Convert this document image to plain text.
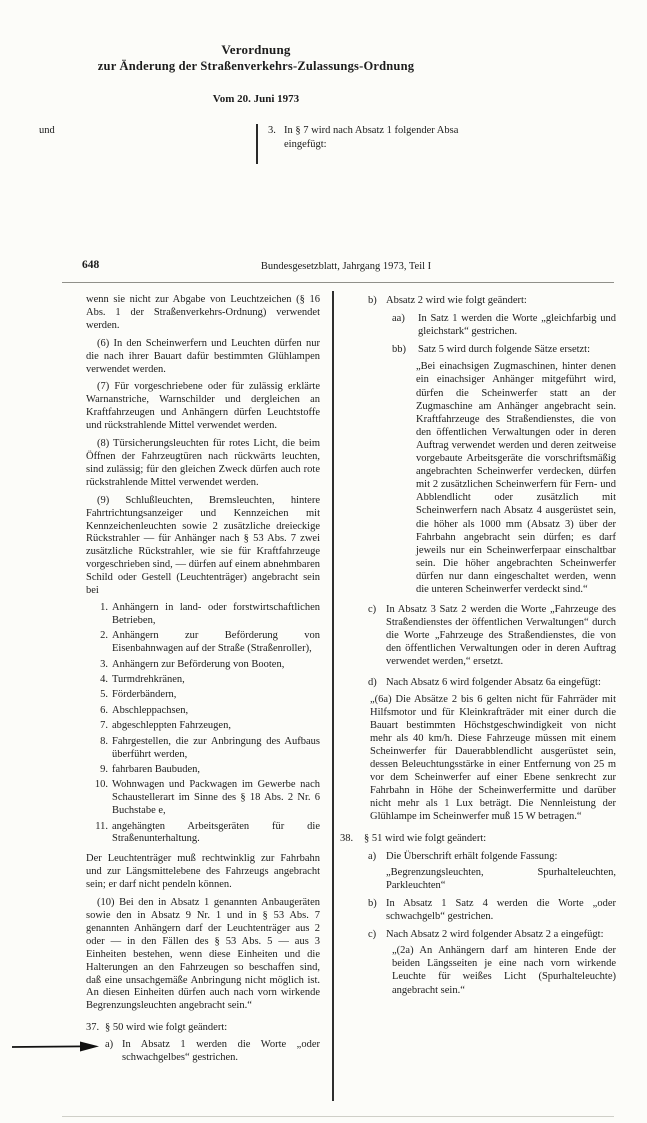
Verordnung
zur Änderung der Straßenverkehrs-Zulassungs-Ordnung
Vom 20. Juni 1973
und	3. In § 7 wird nach Absatz 1 folgender Absa
eingefügt:
648	Bundesgesetzblatt, Jahrgang 1973, Teil I
wenn sie nicht zur Abgabe von Leuchtzeichen (§ 16 Abs. 1 der Straßenverkehrs-Ordnung) verwendet werden.
(6) In den Scheinwerfern und Leuchten dürfen nur die nach ihrer Bauart dafür bestimmten Glühlampen verwendet werden.
(7) Für vorgeschriebene oder für zulässig erklärte Warnanstriche, Warnschilder und dergleichen an Kraftfahrzeugen und Anhängern dürfen Leuchtstoffe und rückstrahlende Mittel verwendet werden.
(8) Türsicherungsleuchten für rotes Licht, die beim Öffnen der Fahrzeugtüren nach rückwärts leuchten, sind zulässig; für den gleichen Zweck dürfen auch rote rückstrahlende Mittel verwendet werden.
(9) Schlußleuchten, Bremsleuchten, hintere Fahrtrichtungsanzeiger und Kennzeichen mit Kennzeichenleuchten sowie 2 zusätzliche dreieckige Rückstrahler — für Anhänger nach § 53 Abs. 7 zwei zusätzliche Rückstrahler, wie sie für Kraftfahrzeuge vorgeschrieben sind, — dürfen auf einem abnehmbaren Schild oder Gestell (Leuchtenträger) angebracht sein bei
1. Anhängern in land- oder forstwirtschaftlichen Betrieben,
2. Anhängern zur Beförderung von Eisenbahnwagen auf der Straße (Straßenroller),
3. Anhängern zur Beförderung von Booten,
4. Turmdrehkränen,
5. Förderbändern,
6. Abschleppachsen,
7. abgeschleppten Fahrzeugen,
8. Fahrgestellen, die zur Anbringung des Aufbaus überführt werden,
9. fahrbaren Baubuden,
10. Wohnwagen und Packwagen im Gewerbe nach Schaustellerart im Sinne des § 18 Abs. 2 Nr. 6 Buchstabe e,
11. angehängten Arbeitsgeräten für die Straßenunterhaltung.
Der Leuchtenträger muß rechtwinklig zur Fahrbahn und zur Längsmittelebene des Fahrzeugs angebracht sein; er darf nicht pendeln können.
(10) Bei den in Absatz 1 genannten Anbaugeräten sowie den in Absatz 9 Nr. 1 und in § 53 Abs. 7 genannten Anhängern darf der Leuchtenträger aus 2 oder — in den Fällen des § 53 Abs. 5 — aus 3 Einheiten bestehen, wenn diese Einheiten und die Halterungen an den Fahrzeugen so beschaffen sind, daß eine unsachgemäße Anbringung nicht möglich ist. An diesen Einheiten dürfen auch nach vorn wirkende Begrenzungsleuchten angebracht sein.“
37. § 50 wird wie folgt geändert:
a) In Absatz 1 werden die Worte „oder schwachgelbes“ gestrichen.
b) Absatz 2 wird wie folgt geändert:
aa)	In Satz 1 werden die Worte „gleichfarbig und gleichstark“ gestrichen.
bb)	Satz 5 wird durch folgende Sätze ersetzt:
„Bei einachsigen Zugmaschinen, hinter denen ein einachsiger Anhänger mitgeführt wird, dürfen die Scheinwerfer statt an der Zugmaschine am Anhänger angebracht sein. Kraftfahrzeuge des Straßendienstes, die von den öffentlichen Verwaltungen oder in deren Auftrag verwendet werden und deren zeitweise vorgebaute Arbeitsgeräte die vorschriftsmäßig angebrachten Scheinwerfer verdecken, dürfen mit 2 zusätzlichen Scheinwerfern für Fern- und Abblendlicht oder zusätzlich mit Scheinwerfern nach Absatz 4 ausgerüstet sein, die höher als 1000 mm (Absatz 3) über der Fahrbahn angebracht sein dürfen; es darf jeweils nur ein Scheinwerferpaar einschaltbar sein. Die höher angebrachten Scheinwerfer dürfen nur dann eingeschaltet werden, wenn die unteren Scheinwerfer verdeckt sind.“
c) In Absatz 3 Satz 2 werden die Worte „Fahrzeuge des Straßendienstes der öffentlichen Verwaltungen“ durch die Worte „Fahrzeuge des Straßendienstes, die von den öffentlichen Verwaltungen oder in deren Auftrag verwendet werden,“ ersetzt.
d) Nach Absatz 6 wird folgender Absatz 6a eingefügt:
„(6a) Die Absätze 2 bis 6 gelten nicht für Fahrräder mit Hilfsmotor und für Kleinkrafträder mit einer durch die Bauart bestimmten Höchstgeschwindigkeit von nicht mehr als 40 km/h. Diese Fahrzeuge müssen mit einem Scheinwerfer für Dauerabblendlicht ausgerüstet sein, dessen Beleuchtungsstärke in einer Entfernung von 25 m vor dem Scheinwerfer auf einer Ebene senkrecht zur Fahrbahn in Höhe der Scheinwerfermitte und darüber nicht mehr als 1 Lux beträgt. Die Nennleistung der Glühlampe im Scheinwerfer muß 15 W betragen.“
38.	§ 51 wird wie folgt geändert:
a) Die Überschrift erhält folgende Fassung:
„Begrenzungsleuchten, Spurhalteleuchten, Parkleuchten“
b) In Absatz 1 Satz 4 werden die Worte „oder schwachgelb“ gestrichen.
c) Nach Absatz 2 wird folgender Absatz 2 a eingefügt:
„(2a) An Anhängern darf am hinteren Ende der beiden Längsseiten je eine nach vorn wirkende Leuchte für weißes Licht (Spurhalteleuchte) angebracht sein.“
